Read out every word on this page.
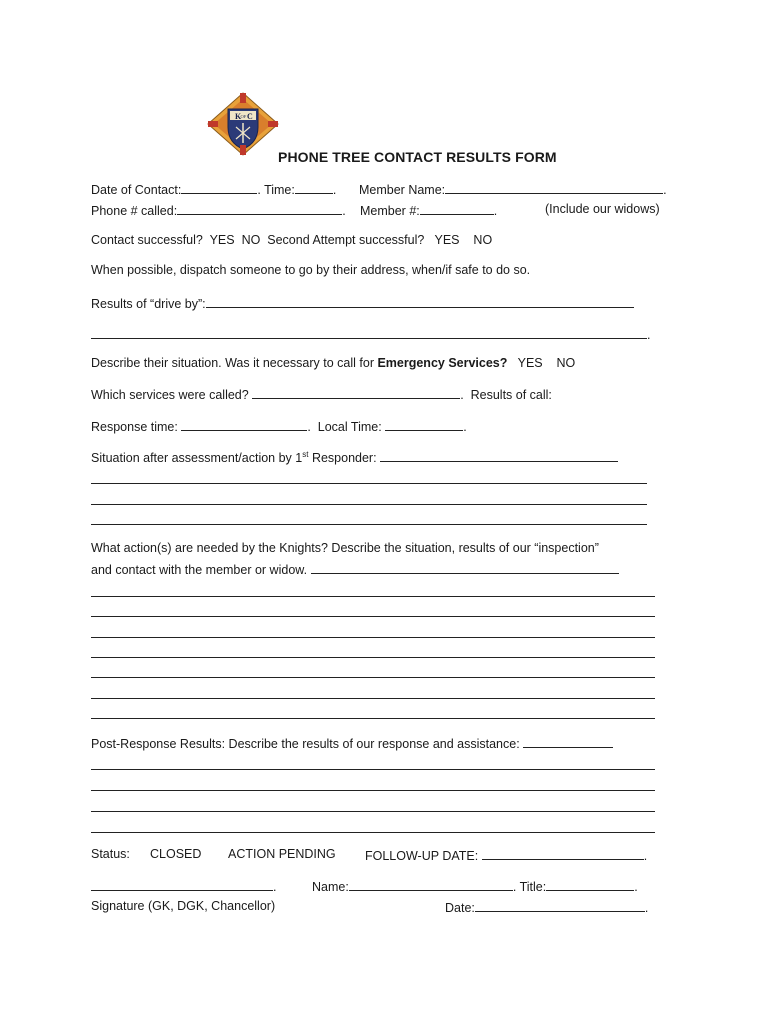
K OF C
PHONE TREE CONTACT RESULTS FORM
Date of Contact:	. Time:	. Member Name:	.
Phone # called:	. Member #:	.	(Include our widows)
Contact successful? YES NO Second Attempt successful? YES NO
When possible, dispatch someone to go by their address, when/if safe to do so.
Results of “drive by”:
.
Describe their situation. Was it necessary to call for Emergency Services? YES NO
Which services were called?	. Results of call:
Response time:	. Local Time:	.
Situation after assessment/action by 1st Responder:
What action(s) are needed by the Knights? Describe the situation, results of our “inspection”
and contact with the member or widow.
Post-Response Results: Describe the results of our response and assistance:
Status: CLOSED ACTION PENDING FOLLOW-UP DATE:	.
.	Name:	. Title:	.
Signature (GK, DGK, Chancellor)	Date:	.
